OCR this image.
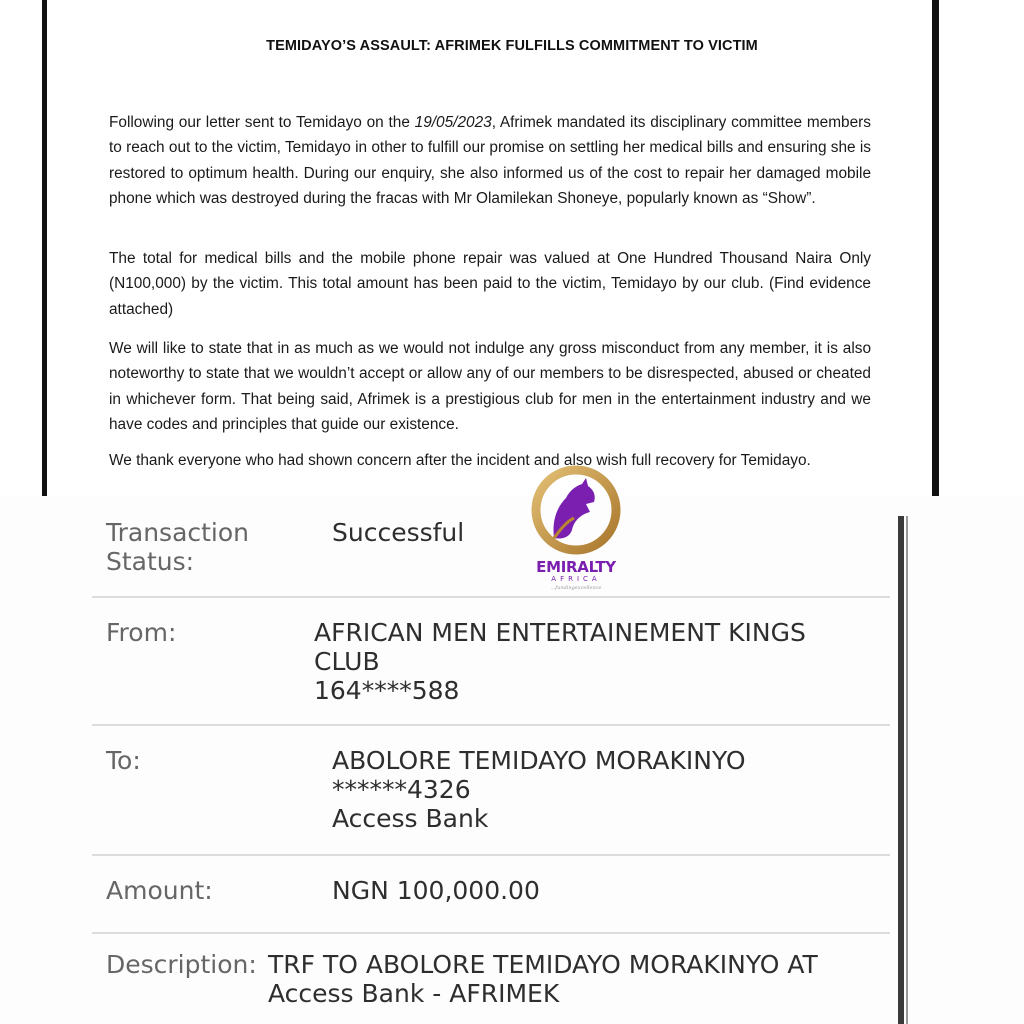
TEMIDAYO’S ASSAULT: AFRIMEK FULFILLS COMMITMENT TO VICTIM

Following our letter sent to Temidayo on the 19/05/2023, Afrimek mandated its disciplinary committee members to reach out to the victim, Temidayo in other to fulfill our promise on settling her medical bills and ensuring she is restored to optimum health. During our enquiry, she also informed us of the cost to repair her damaged mobile phone which was destroyed during the fracas with Mr Olamilekan Shoneye, popularly known as “Show”.

The total for medical bills and the mobile phone repair was valued at One Hundred Thousand Naira Only (N100,000) by the victim. This total amount has been paid to the victim, Temidayo by our club. (Find evidence attached)

We will like to state that in as much as we would not indulge any gross misconduct from any member, it is also noteworthy to state that we wouldn’t accept or allow any of our members to be disrespected, abused or cheated in whichever form. That being said, Afrimek is a prestigious club for men in the entertainment industry and we have codes and principles that guide our existence.

We thank everyone who had shown concern after the incident and also wish full recovery for Temidayo.

Transaction
Status:
Successful
From:	AFRICAN MEN ENTERTAINEMENT KINGS
CLUB
164****588
To:	ABOLORE TEMIDAYO MORAKINYO
******4326
Access Bank
Amount:	NGN 100,000.00
Description: TRF TO ABOLORE TEMIDAYO MORAKINYO AT
Access Bank - AFRIMEK
EMIRALTY
AFRICA
...fundingexcellence
